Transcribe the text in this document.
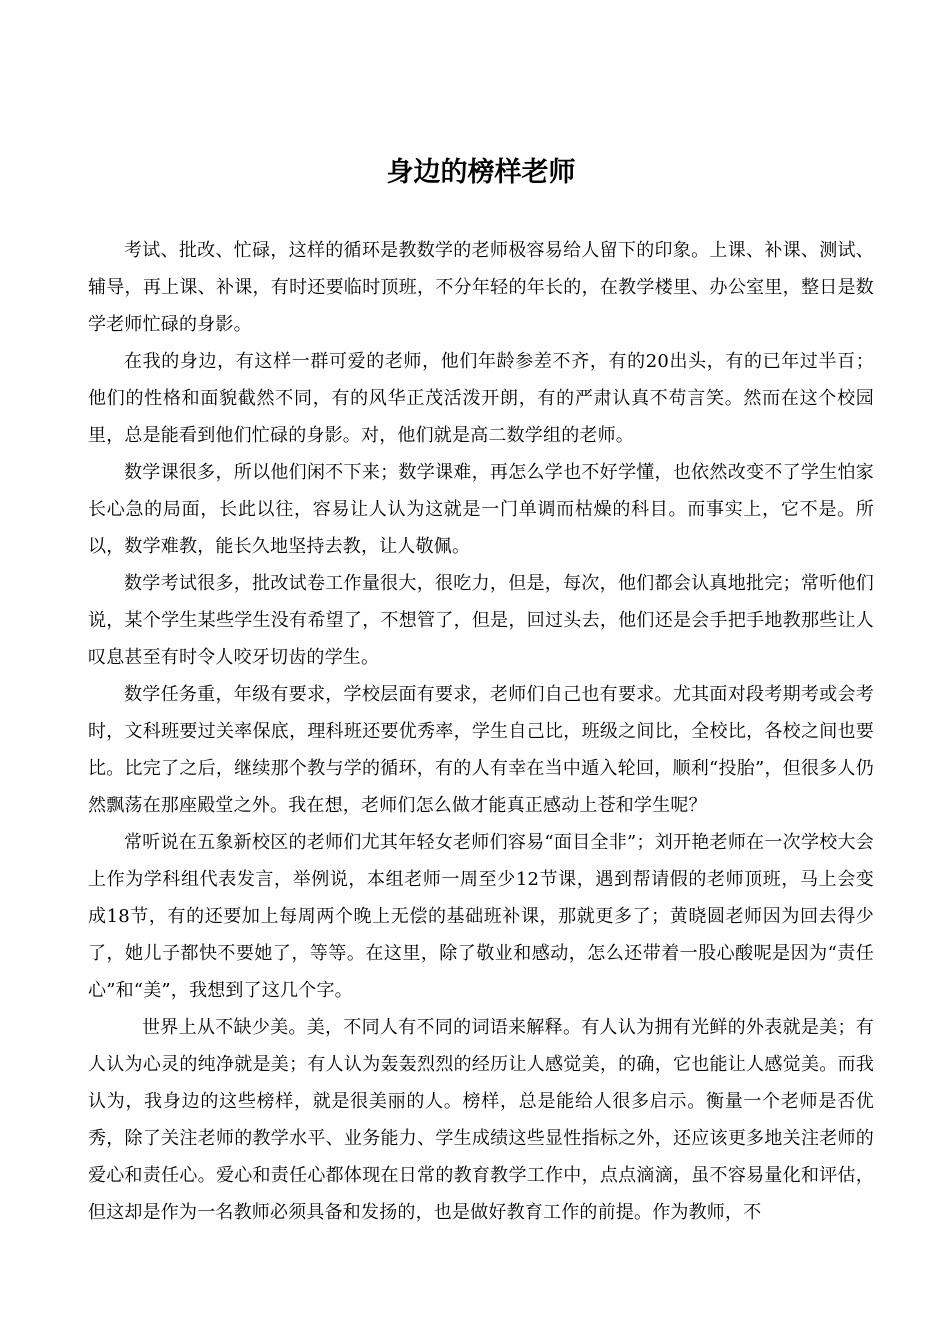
身边的榜样老师

考试、批改、忙碌，这样的循环是教数学的老师极容易给人留下的印象。上课、补课、测试、辅导，再上课、补课，有时还要临时顶班，不分年轻的年长的，在教学楼里、办公室里，整日是数学老师忙碌的身影。

在我的身边，有这样一群可爱的老师，他们年龄参差不齐，有的20出头，有的已年过半百；他们的性格和面貌截然不同，有的风华正茂活泼开朗，有的严肃认真不苟言笑。然而在这个校园里，总是能看到他们忙碌的身影。对，他们就是高二数学组的老师。

数学课很多，所以他们闲不下来；数学课难，再怎么学也不好学懂，也依然改变不了学生怕家长心急的局面，长此以往，容易让人认为这就是一门单调而枯燥的科目。而事实上，它不是。所以，数学难教，能长久地坚持去教，让人敬佩。

数学考试很多，批改试卷工作量很大，很吃力，但是，每次，他们都会认真地批完；常听他们说，某个学生某些学生没有希望了，不想管了，但是，回过头去，他们还是会手把手地教那些让人叹息甚至有时令人咬牙切齿的学生。

数学任务重，年级有要求，学校层面有要求，老师们自己也有要求。尤其面对段考期考或会考时，文科班要过关率保底，理科班还要优秀率，学生自己比，班级之间比，全校比，各校之间也要比。比完了之后，继续那个教与学的循环，有的人有幸在当中遁入轮回，顺利“投胎”，但很多人仍然飘荡在那座殿堂之外。我在想，老师们怎么做才能真正感动上苍和学生呢？

常听说在五象新校区的老师们尤其年轻女老师们容易“面目全非”；刘开艳老师在一次学校大会上作为学科组代表发言，举例说，本组老师一周至少12节课，遇到帮请假的老师顶班，马上会变成18节，有的还要加上每周两个晚上无偿的基础班补课，那就更多了；黄晓圆老师因为回去得少了，她儿子都快不要她了，等等。在这里，除了敬业和感动，怎么还带着一股心酸呢是因为“责任心”和“美”，我想到了这几个字。

世界上从不缺少美。美，不同人有不同的词语来解释。有人认为拥有光鲜的外表就是美；有人认为心灵的纯净就是美；有人认为轰轰烈烈的经历让人感觉美，的确，它也能让人感觉美。而我认为，我身边的这些榜样，就是很美丽的人。榜样，总是能给人很多启示。衡量一个老师是否优秀，除了关注老师的教学水平、业务能力、学生成绩这些显性指标之外，还应该更多地关注老师的爱心和责任心。爱心和责任心都体现在日常的教育教学工作中，点点滴滴，虽不容易量化和评估，但这却是作为一名教师必须具备和发扬的，也是做好教育工作的前提。作为教师，不
